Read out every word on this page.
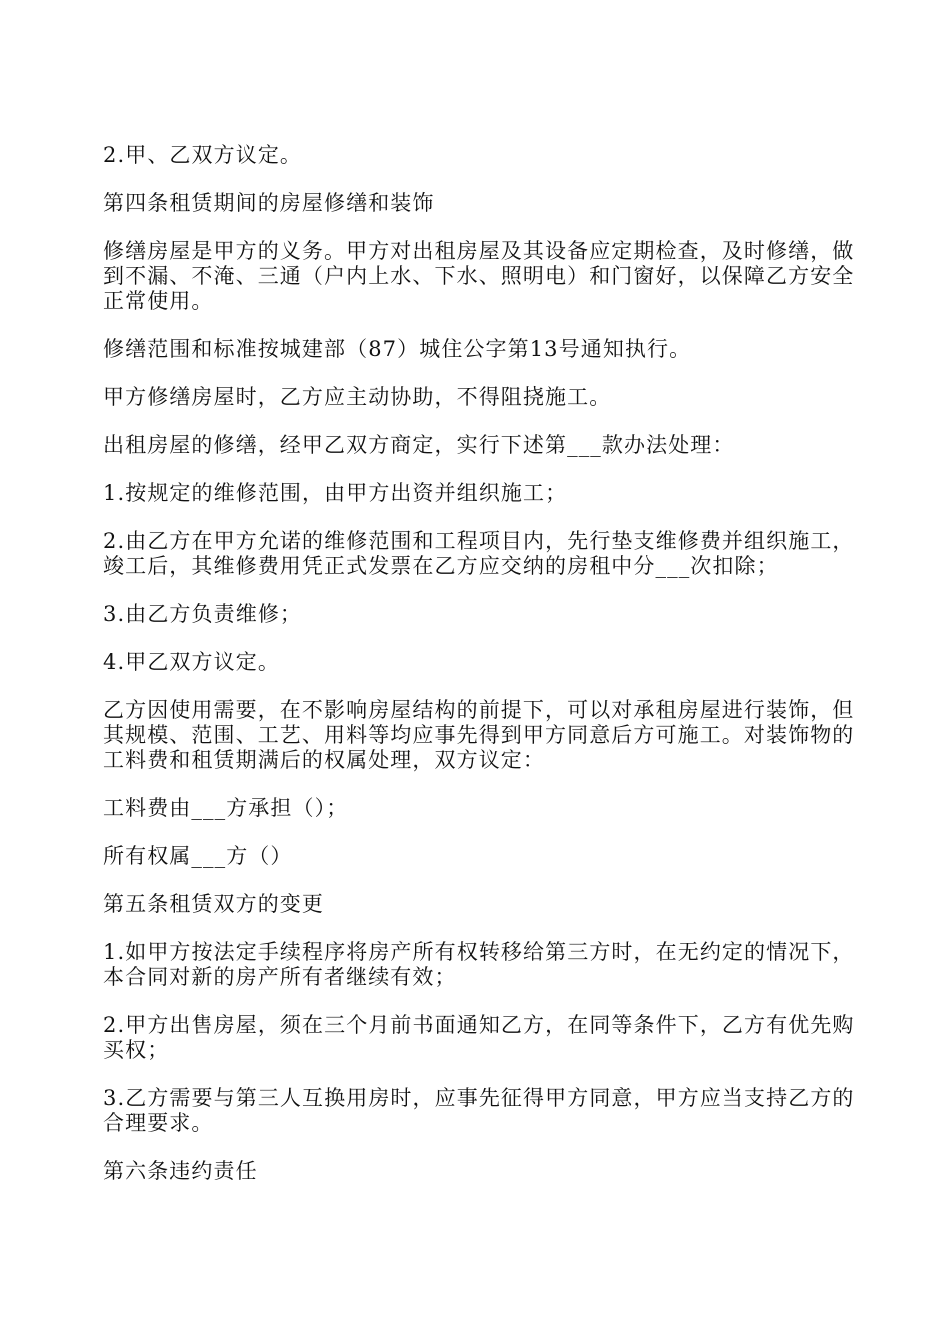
2.甲、乙双方议定。

第四条租赁期间的房屋修缮和装饰

修缮房屋是甲方的义务。甲方对出租房屋及其设备应定期检查，及时修缮，做到不漏、不淹、三通（户内上水、下水、照明电）和门窗好，以保障乙方安全正常使用。

修缮范围和标准按城建部（87）城住公字第13号通知执行。

甲方修缮房屋时，乙方应主动协助，不得阻挠施工。

出租房屋的修缮，经甲乙双方商定，实行下述第___款办法处理：

1.按规定的维修范围，由甲方出资并组织施工；

2.由乙方在甲方允诺的维修范围和工程项目内，先行垫支维修费并组织施工，竣工后，其维修费用凭正式发票在乙方应交纳的房租中分___次扣除；

3.由乙方负责维修；

4.甲乙双方议定。

乙方因使用需要，在不影响房屋结构的前提下，可以对承租房屋进行装饰，但其规模、范围、工艺、用料等均应事先得到甲方同意后方可施工。对装饰物的工料费和租赁期满后的权属处理，双方议定：

工料费由___方承担（）；

所有权属___方（）

第五条租赁双方的变更

1.如甲方按法定手续程序将房产所有权转移给第三方时，在无约定的情况下，本合同对新的房产所有者继续有效；

2.甲方出售房屋，须在三个月前书面通知乙方，在同等条件下，乙方有优先购买权；

3.乙方需要与第三人互换用房时，应事先征得甲方同意，甲方应当支持乙方的合理要求。

第六条违约责任
